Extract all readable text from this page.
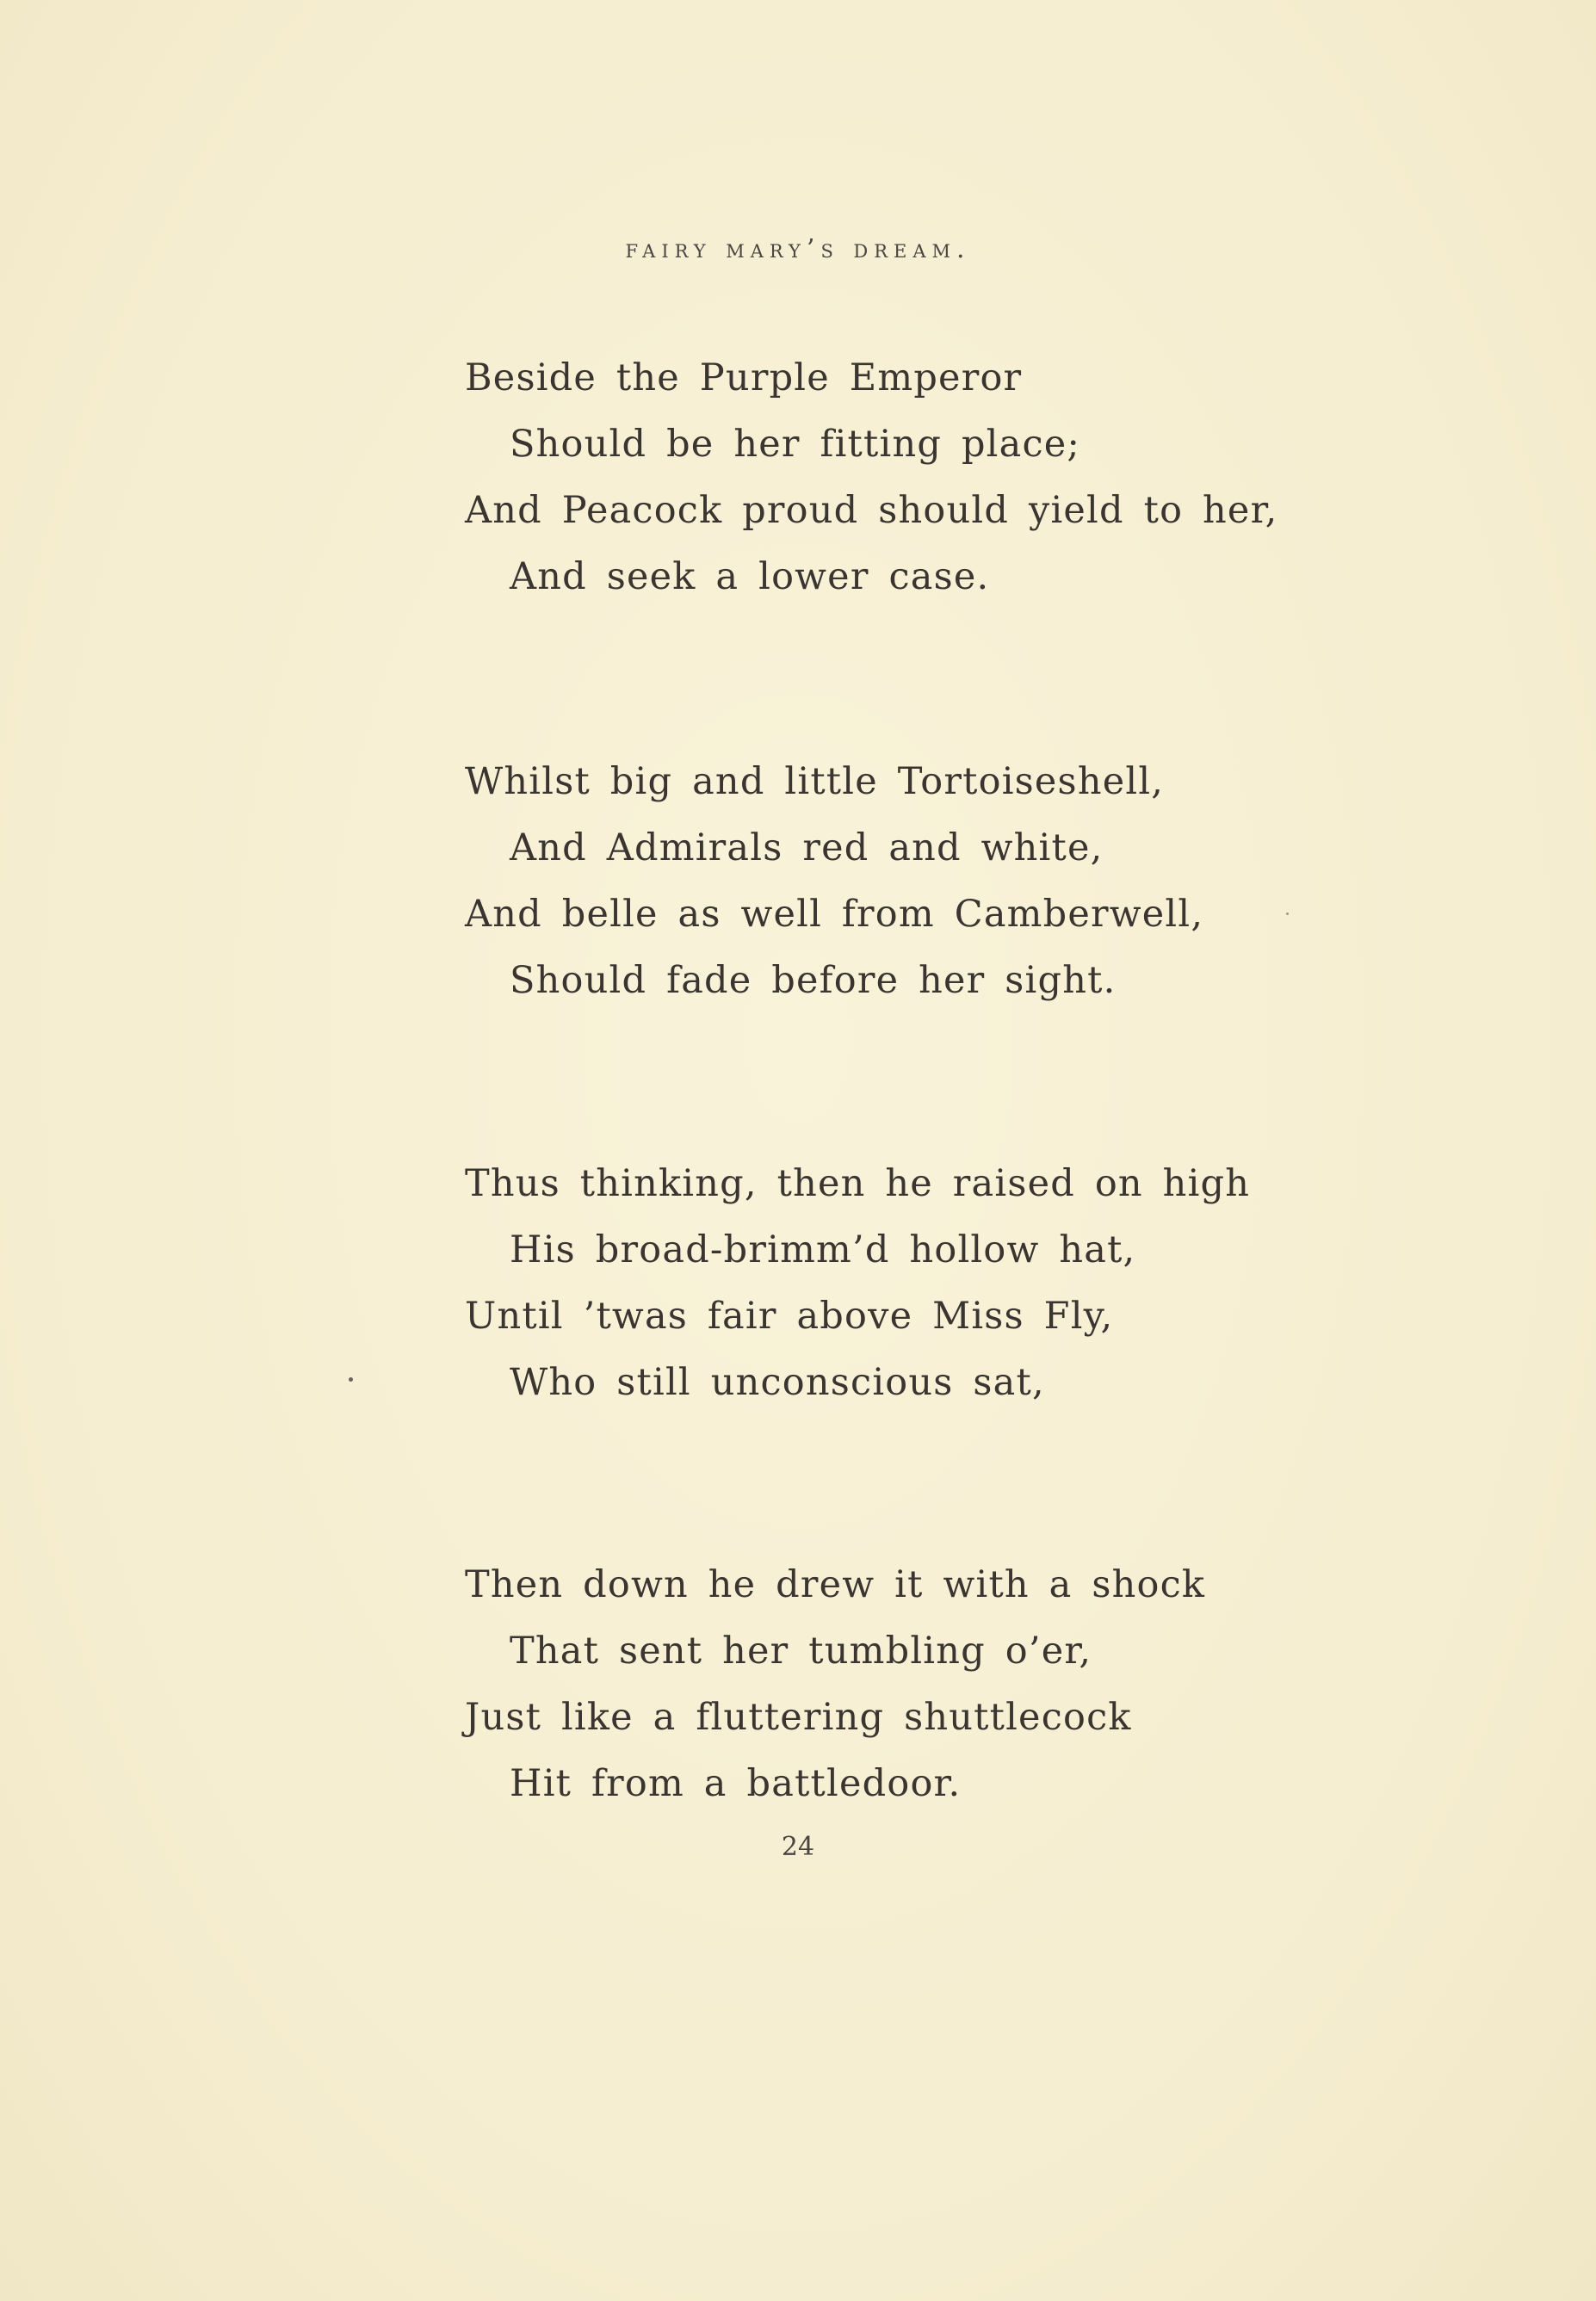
fairy mary’s dream.
Beside the Purple Emperor
Should be her fitting place;
And Peacock proud should yield to her,
And seek a lower case.
Whilst big and little Tortoiseshell,
And Admirals red and white,
And belle as well from Camberwell,
Should fade before her sight.
Thus thinking, then he raised on high
His broad-brimm’d hollow hat,
Until ’twas fair above Miss Fly,
Who still unconscious sat,
Then down he drew it with a shock
That sent her tumbling o’er,
Just like a fluttering shuttlecock
Hit from a battledoor.
24
